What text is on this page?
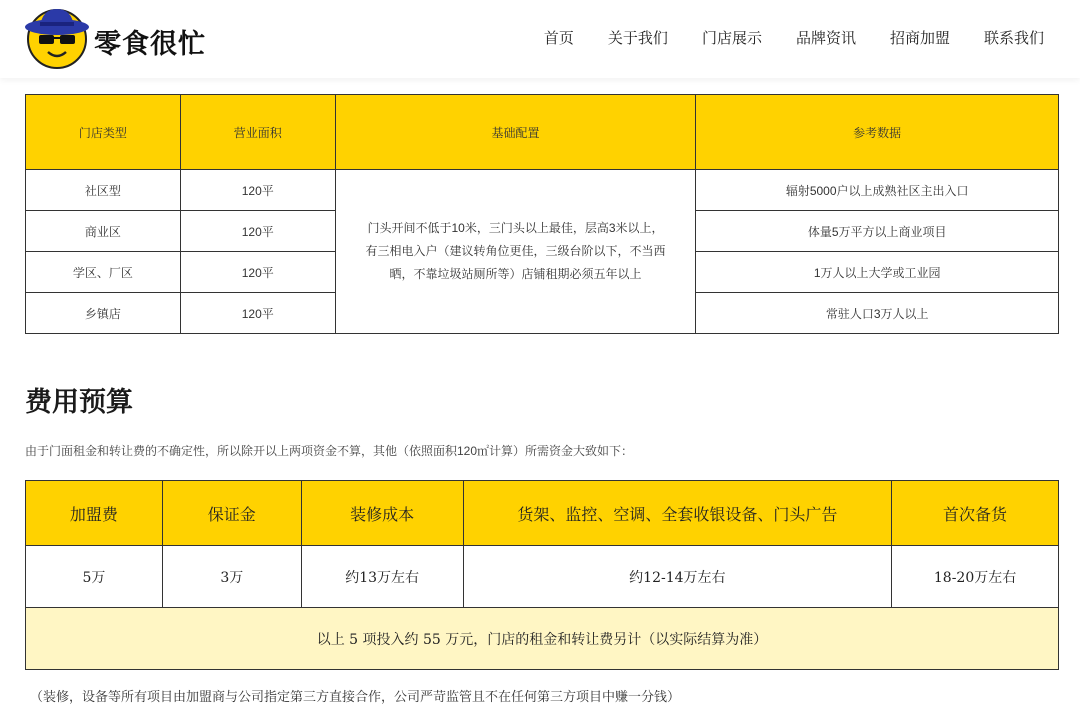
零食很忙	首页 关于我们 门店展示 品牌资讯 招商加盟 联系我们
门店类型	营业面积	基础配置	参考数据
社区型	120平	门头开间不低于10米，三门头以上最佳，层高3米以上，有三相电入户（建议转角位更佳，三级台阶以下，不当西晒，不靠垃圾站厕所等）店铺租期必须五年以上	辐射5000户以上成熟社区主出入口
商业区	120平		体量5万平方以上商业项目
学区、厂区	120平		1万人以上大学或工业园
乡镇店	120平		常驻人口3万人以上
费用预算
由于门面租金和转让费的不确定性，所以除开以上两项资金不算，其他（依照面积120㎡计算）所需资金大致如下：
加盟费	保证金	装修成本	货架、监控、空调、全套收银设备、门头广告	首次备货
5万	3万	约13万左右	约12-14万左右	18-20万左右
以上 5 项投入约 55 万元，门店的租金和转让费另计（以实际结算为准）				
（装修，设备等所有项目由加盟商与公司指定第三方直接合作，公司严苛监管且不在任何第三方项目中赚一分钱）
